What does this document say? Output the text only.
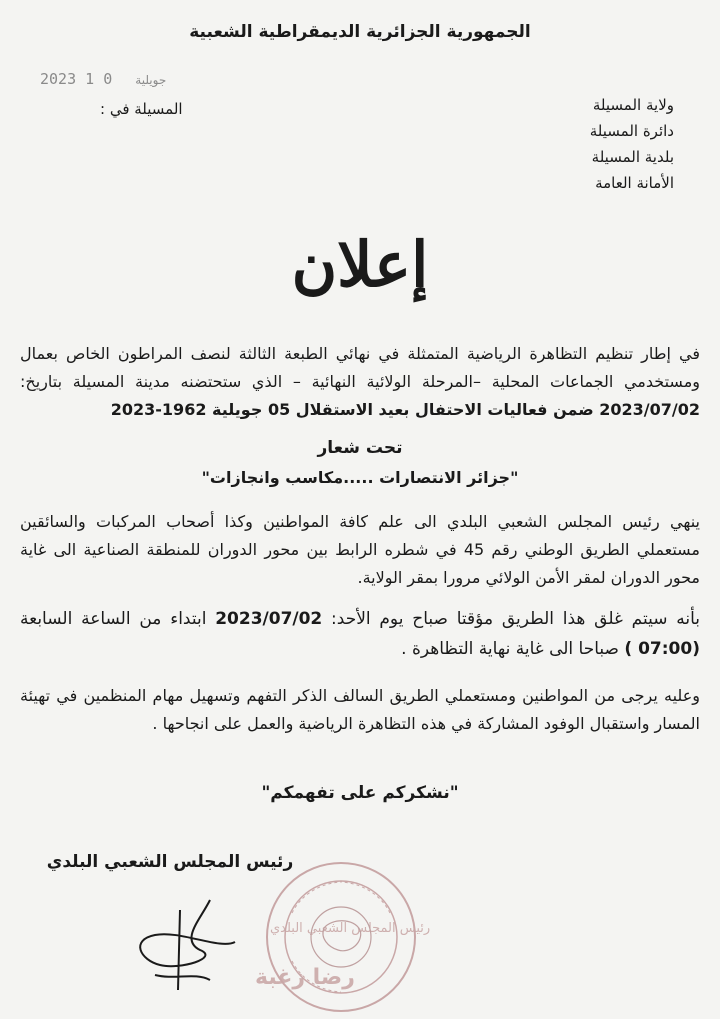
الجمهورية الجزائرية الديمقراطية الشعبية
2023	جويلية 0 1
المسيلة في :	ولاية المسيلة
دائرة المسيلة
بلدية المسيلة
الأمانة العامة
إعلان
في إطار تنظيم التظاهرة الرياضية المتمثلة في نهائي الطبعة الثالثة لنصف المراطون الخاص بعمال ومستخدمي الجماعات المحلية –المرحلة الولائية النهائية – الذي ستحتضنه مدينة المسيلة بتاريخ: 2023/07/02 ضمن فعاليات الاحتفال بعيد الاستقلال 05 جويلية 1962-2023
تحت شعار
"جزائر الانتصارات .....مكاسب وانجازات"
ينهي رئيس المجلس الشعبي البلدي الى علم كافة المواطنين وكذا أصحاب المركبات والسائقين مستعملي الطريق الوطني رقم 45 في شطره الرابط بين محور الدوران للمنطقة الصناعية الى غاية محور الدوران لمقر الأمن الولائي مرورا بمقر الولاية.
بأنه سيتم غلق هذا الطريق مؤقتا صباح يوم الأحد: 2023/07/02 ابتداء من الساعة السابعة (07:00 ) صباحا الى غاية نهاية التظاهرة .
وعليه يرجى من المواطنين ومستعملي الطريق السالف الذكر التفهم وتسهيل مهام المنظمين في تهيئة المسار واستقبال الوفود المشاركة في هذه التظاهرة الرياضية والعمل على انجاحها .
"نشكركم على تفهمكم"
رئيس المجلس الشعبي البلدي
رئيس المجلس الشعبي البلدي
رضا زغبة
